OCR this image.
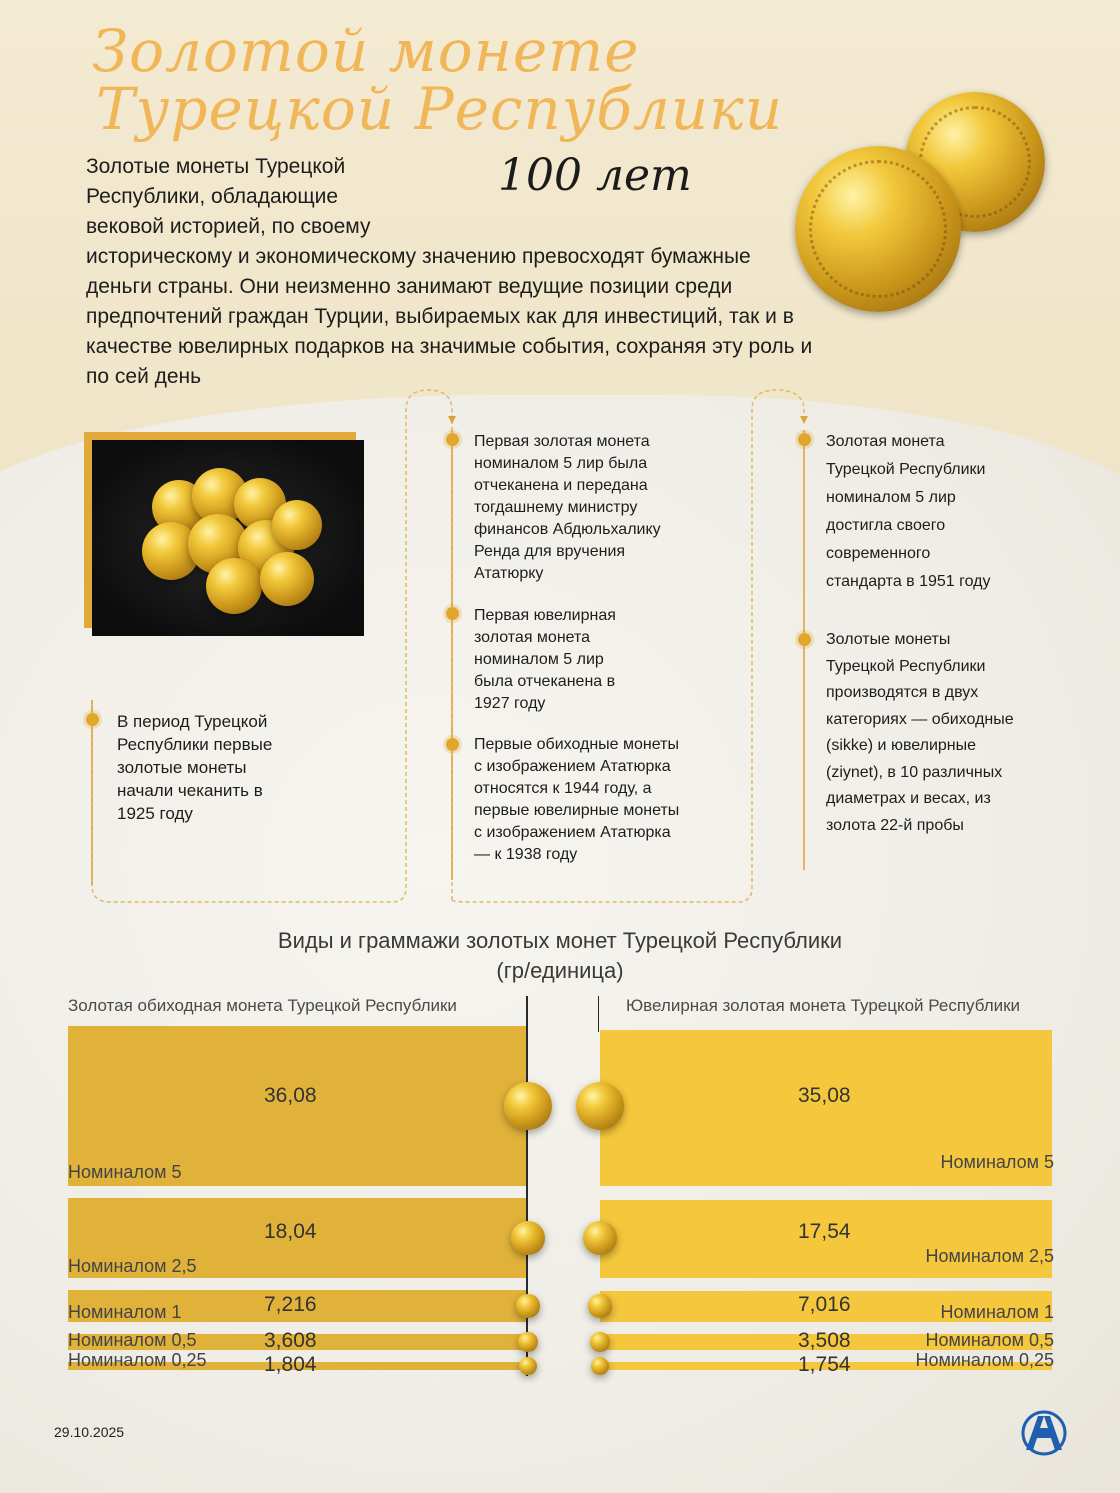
Золотой монете
Турецкой Республики
100 лет
Золотые монеты Турецкой
Республики, обладающие
вековой историей, по своему
историческому и экономическому значению превосходят бумажные деньги страны. Они неизменно занимают ведущие позиции среди предпочтений граждан Турции, выбираемых как для инвестиций, так и в качестве ювелирных подарков на значимые события, сохраняя эту роль и по сей день
В период Турецкой Республики первые золотые монеты начали чеканить в 1925 году
Первая золотая монета номиналом 5 лир была отчеканена и передана тогдашнему министру финансов Абдюльхалику Ренда для вручения Ататюрку
Первая ювелирная золотая монета номиналом 5 лир была отчеканена в 1927 году
Первые обиходные монеты с изображением Ататюрка относятся к 1944 году, а первые ювелирные монеты с изображением Ататюрка — к 1938 году
Золотая монета Турецкой Республики номиналом 5 лир достигла своего современного стандарта в 1951 году
Золотые монеты Турецкой Республики производятся в двух категориях — обиходные (sikke) и ювелирные (ziynet), в 10 различных диаметрах и весах, из золота 22-й пробы
Виды и граммажи золотых монет Турецкой Республики
(гр/единица)
Золотая обиходная монета Турецкой Республики	Ювелирная золотая монета Турецкой Республики
36,08	35,08
Номиналом 5	Номиналом 5
18,04	17,54
Номиналом 2,5	Номиналом 2,5
7,216	7,016
Номиналом 1	Номиналом 1
3,608	3,508
Номиналом 0,5	Номиналом 0,5
1,804	1,754
Номиналом 0,25	Номиналом 0,25
29.10.2025
